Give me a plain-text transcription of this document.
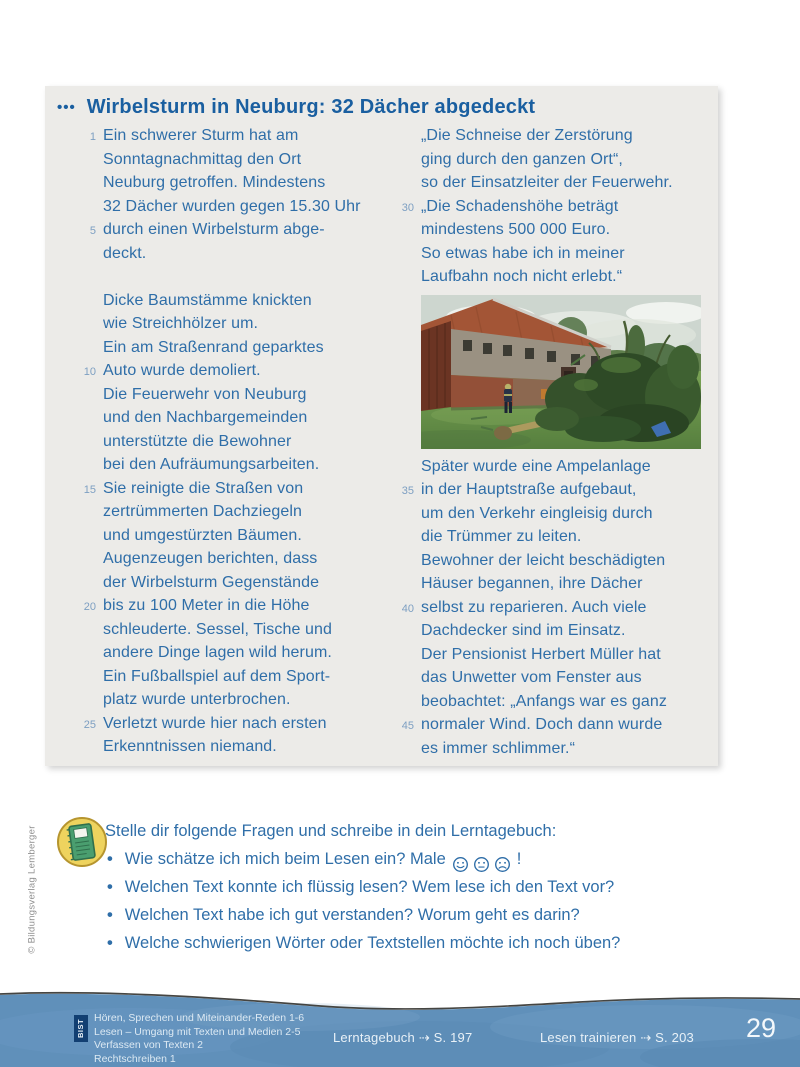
© Bildungsverlag Lemberger
••• Wirbelsturm in Neuburg: 32 Dächer abgedeckt
1 Ein schwerer Sturm hat am
Sonntagnachmittag den Ort
Neuburg getroffen. Mindestens
32 Dächer wurden gegen 15.30 Uhr
5 durch einen Wirbelsturm abge-
deckt.
Dicke Baumstämme knickten
wie Streichhölzer um.
Ein am Straßenrand geparktes
10 Auto wurde demoliert.
Die Feuerwehr von Neuburg
und den Nachbargemeinden
unterstützte die Bewohner
bei den Aufräumungsarbeiten.
15 Sie reinigte die Straßen von
zertrümmerten Dachziegeln
und umgestürzten Bäumen.
Augenzeugen berichten, dass
der Wirbelsturm Gegenstände
20 bis zu 100 Meter in die Höhe
schleuderte. Sessel, Tische und
andere Dinge lagen wild herum.
Ein Fußballspiel auf dem Sport-
platz wurde unterbrochen.
25 Verletzt wurde hier nach ersten
Erkenntnissen niemand.
„Die Schneise der Zerstörung
ging durch den ganzen Ort“,
so der Einsatzleiter der Feuerwehr.
30 „Die Schadenshöhe beträgt
mindestens 500 000 Euro.
So etwas habe ich in meiner
Laufbahn noch nicht erlebt.“
Später wurde eine Ampelanlage
35 in der Hauptstraße aufgebaut,
um den Verkehr eingleisig durch
die Trümmer zu leiten.
Bewohner der leicht beschädigten
Häuser begannen, ihre Dächer
40 selbst zu reparieren. Auch viele
Dachdecker sind im Einsatz.
Der Pensionist Herbert Müller hat
das Unwetter vom Fenster aus
beobachtet: „Anfangs war es ganz
45 normaler Wind. Doch dann wurde
es immer schlimmer.“

Stelle dir folgende Fragen und schreibe in dein Lerntagebuch:

• Wie schätze ich mich beim Lesen ein? Male	!
• Welchen Text konnte ich flüssig lesen? Wem lese ich den Text vor?
• Welchen Text habe ich gut verstanden? Worum geht es darin?
• Welche schwierigen Wörter oder Textstellen möchte ich noch üben?
BIST
Hören, Sprechen und Miteinander-Reden 1-6
Lesen – Umgang mit Texten und Medien 2-5
Verfassen von Texten 2
Rechtschreiben 1
Lerntagebuch ⇢ S. 197	Lesen trainieren ⇢ S. 203 29
